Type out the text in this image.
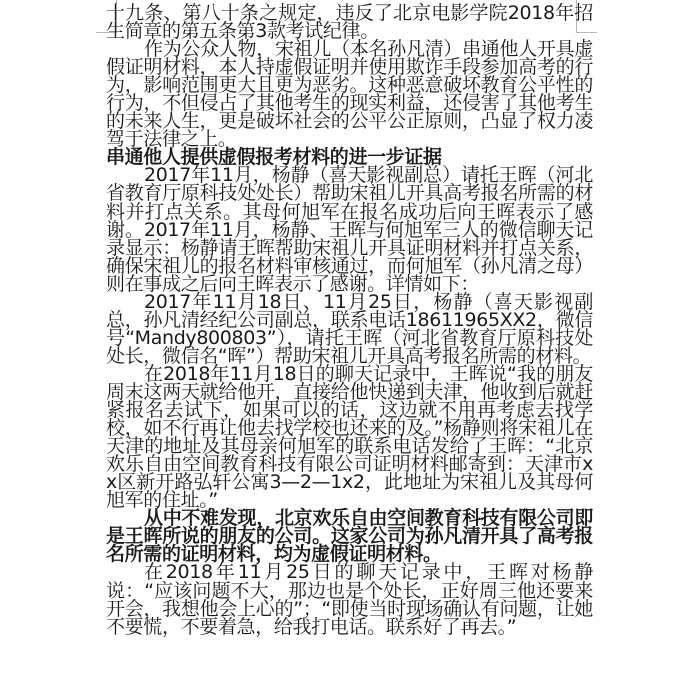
十九条、第八十条之规定，违反了北京电影学院2018年招生简章的第五条第3款考试纪律。

作为公众人物，宋祖儿（本名孙凡清）串通他人开具虚假证明材料，本人持虚假证明并使用欺诈手段参加高考的行为，影响范围更大且更为恶劣。这种恶意破坏教育公平性的行为，不但侵占了其他考生的现实利益，还侵害了其他考生的未来人生，更是破坏社会的公平公正原则，凸显了权力凌驾于法律之上。

串通他人提供虚假报考材料的进一步证据

2017年11月，杨静（喜天影视副总）请托王晖（河北省教育厅原科技处处长）帮助宋祖儿开具高考报名所需的材料并打点关系。其母何旭军在报名成功后向王晖表示了感谢。2017年11月，杨静、王晖与何旭军三人的微信聊天记录显示：杨静请王晖帮助宋祖儿开具证明材料并打点关系，确保宋祖儿的报名材料审核通过，而何旭军（孙凡清之母）则在事成之后向王晖表示了感谢。详情如下：

2017年11月18日、11月25日，杨静（喜天影视副总，孙凡清经纪公司副总，联系电话18611965XX2，微信号“Mandy800803”），请托王晖（河北省教育厅原科技处处长，微信名“晖”）帮助宋祖儿开具高考报名所需的材料。

在2018年11月18日的聊天记录中，王晖说“我的朋友周末这两天就给他开，直接给他快递到天津，他收到后就赶紧报名去试下，如果可以的话，这边就不用再考虑去找学校，如不行再让他去找学校也还来的及。”杨静则将宋祖儿在天津的地址及其母亲何旭军的联系电话发给了王晖：“北京欢乐自由空间教育科技有限公司证明材料邮寄到：天津市xx区新开路弘轩公寓3—2—1x2，此地址为宋祖儿及其母何旭军的住址。”

从中不难发现，北京欢乐自由空间教育科技有限公司即是王晖所说的朋友的公司。这家公司为孙凡清开具了高考报名所需的证明材料，均为虚假证明材料。

在2018年11月25日的聊天记录中，王晖对杨静说：“应该问题不大，那边也是个处长，正好周三他还要来开会，我想他会上心的”；“即使当时现场确认有问题，让她不要慌，不要着急，给我打电话。联系好了再去。”
